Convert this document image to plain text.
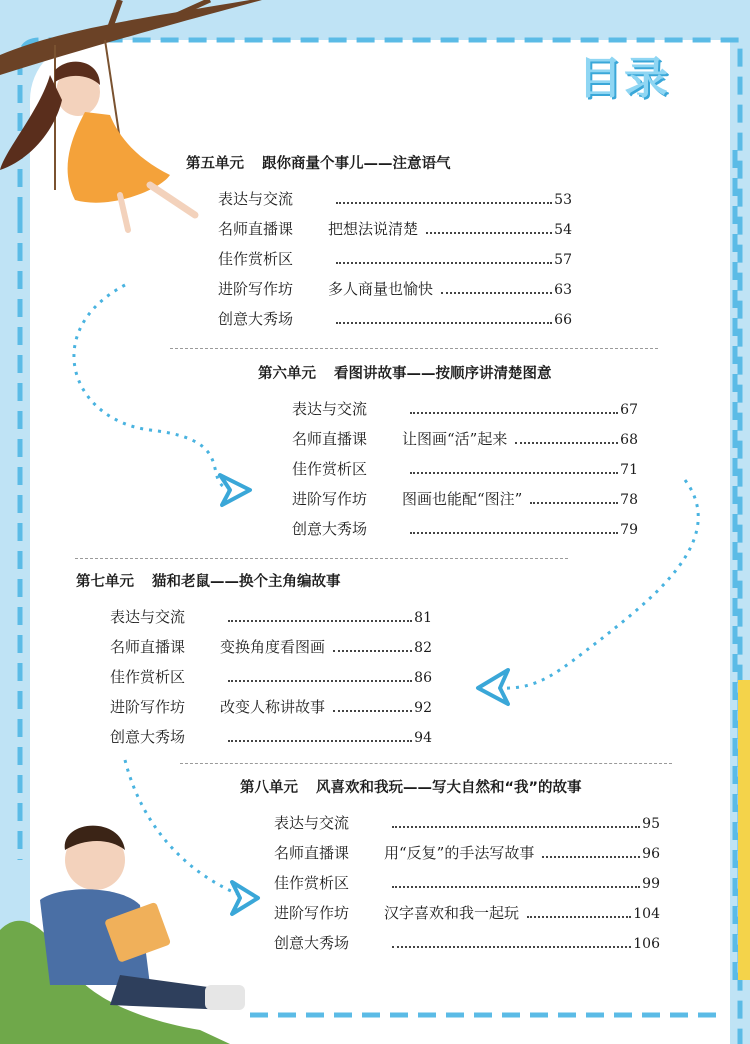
目录
第五单元 跟你商量个事儿——注意语气
表达与交流	53
名师直播课	把想法说清楚	54
佳作赏析区	57
进阶写作坊	多人商量也愉快	63
创意大秀场	66
第六单元 看图讲故事——按顺序讲清楚图意
表达与交流	67
名师直播课	让图画“活”起来	68
佳作赏析区	71
进阶写作坊	图画也能配“图注”	78
创意大秀场	79
第七单元 猫和老鼠——换个主角编故事
表达与交流	81
名师直播课	变换角度看图画	82
佳作赏析区	86
进阶写作坊	改变人称讲故事	92
创意大秀场	94
第八单元 风喜欢和我玩——写大自然和“我”的故事
表达与交流	95
名师直播课	用“反复”的手法写故事	96
佳作赏析区	99
进阶写作坊	汉字喜欢和我一起玩	104
创意大秀场	106
